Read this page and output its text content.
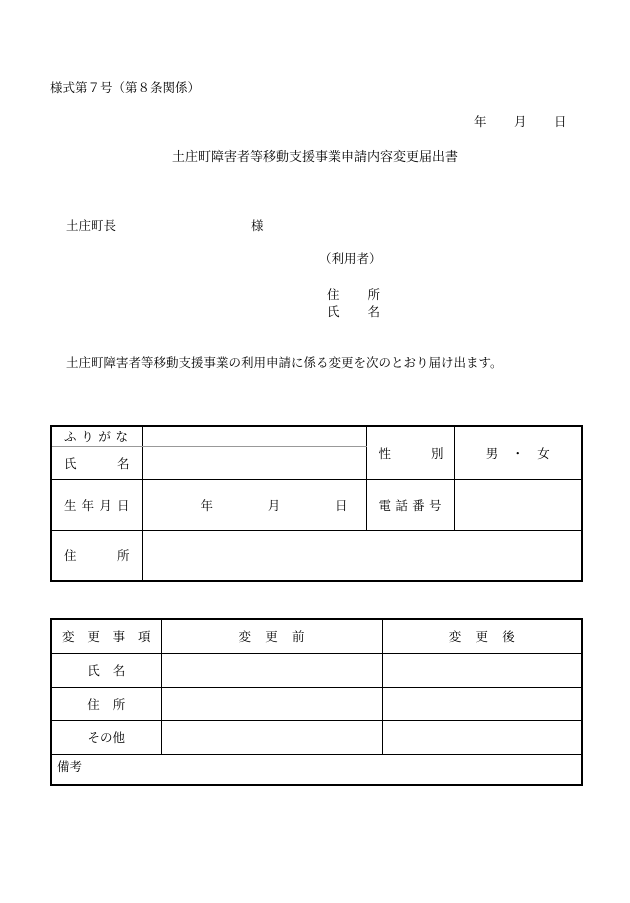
様式第７号（第８条関係）
年 月 日
土庄町障害者等移動支援事業申請内容変更届出書
土庄町長	様
（利用者）
住 所
氏 名
土庄町障害者等移動支援事業の利用申請に係る変更を次のとおり届け出ます。
ふ り が な		性 別	男 ・ 女

氏 名			

生 年 月 日	年 月 日	電 話 番 号	

住 所			

変 更 事 項	変 更 前	変 更 後

氏 名		

住 所		

その他		
備考		
